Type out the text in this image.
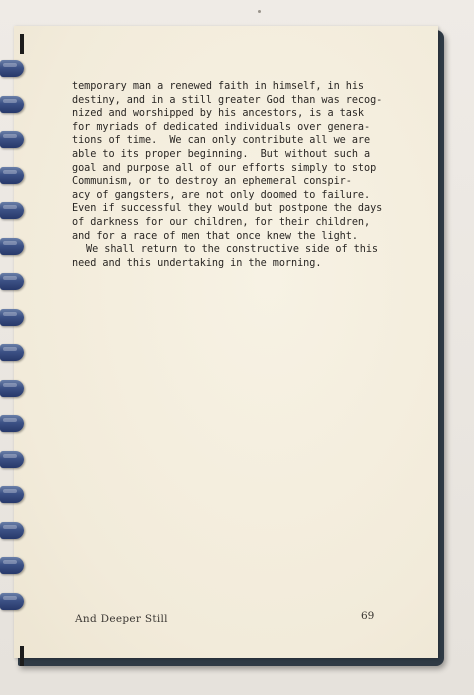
temporary man a renewed faith in himself, in his
destiny, and in a still greater God than was recog-
nized and worshipped by his ancestors, is a task
for myriads of dedicated individuals over genera-
tions of time.  We can only contribute all we are
able to its proper beginning.  But without such a
goal and purpose all of our efforts simply to stop
Communism, or to destroy an ephemeral conspir-
acy of gangsters, are not only doomed to failure.
Even if successful they would but postpone the days
of darkness for our children, for their children,
and for a race of men that once knew the light.
We shall return to the constructive side of this
need and this undertaking in the morning.
And Deeper Still	69
